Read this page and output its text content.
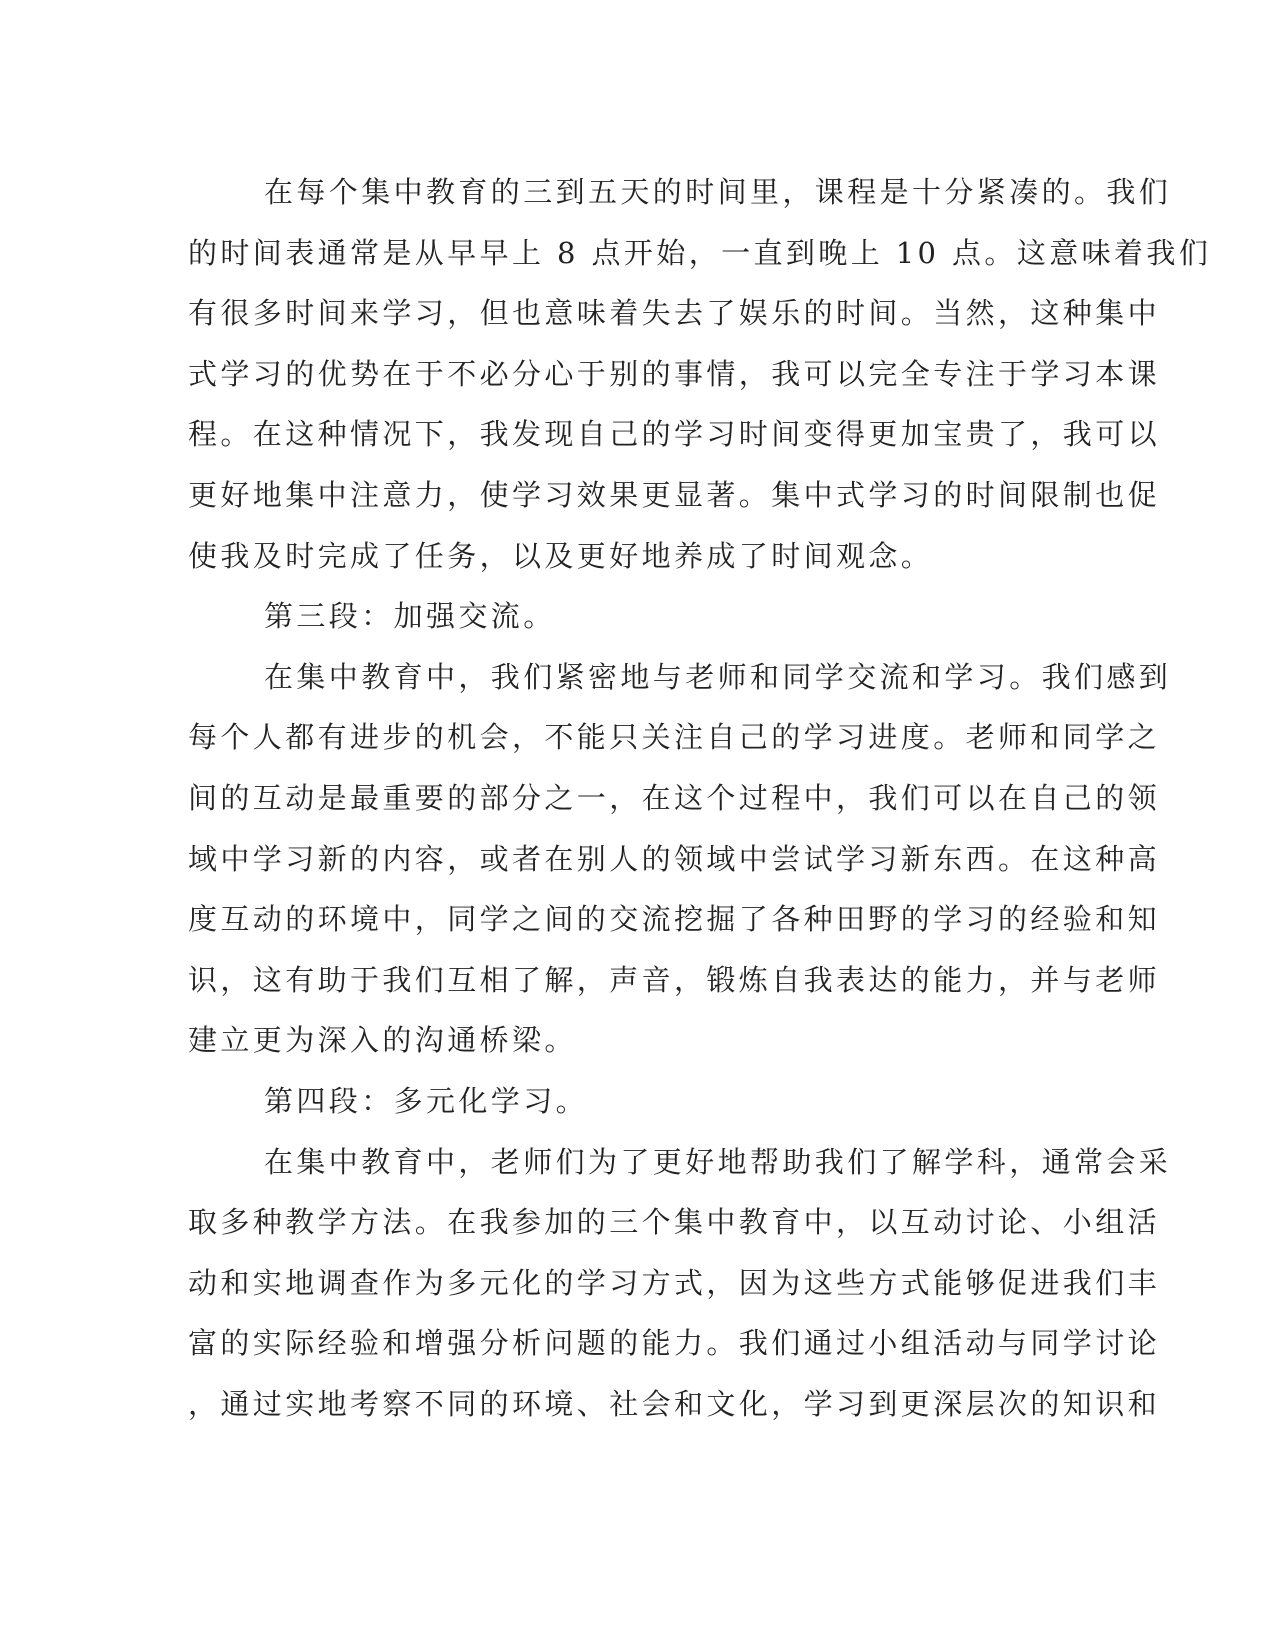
在每个集中教育的三到五天的时间里，课程是十分紧凑的。我们
的时间表通常是从早早上 8 点开始，一直到晚上 10 点。这意味着我们
有很多时间来学习，但也意味着失去了娱乐的时间。当然，这种集中
式学习的优势在于不必分心于别的事情，我可以完全专注于学习本课
程。在这种情况下，我发现自己的学习时间变得更加宝贵了，我可以
更好地集中注意力，使学习效果更显著。集中式学习的时间限制也促
使我及时完成了任务，以及更好地养成了时间观念。
第三段：加强交流。
在集中教育中，我们紧密地与老师和同学交流和学习。我们感到
每个人都有进步的机会，不能只关注自己的学习进度。老师和同学之
间的互动是最重要的部分之一，在这个过程中，我们可以在自己的领
域中学习新的内容，或者在别人的领域中尝试学习新东西。在这种高
度互动的环境中，同学之间的交流挖掘了各种田野的学习的经验和知
识，这有助于我们互相了解，声音，锻炼自我表达的能力，并与老师
建立更为深入的沟通桥梁。
第四段：多元化学习。
在集中教育中，老师们为了更好地帮助我们了解学科，通常会采
取多种教学方法。在我参加的三个集中教育中，以互动讨论、小组活
动和实地调查作为多元化的学习方式，因为这些方式能够促进我们丰
富的实际经验和增强分析问题的能力。我们通过小组活动与同学讨论
，通过实地考察不同的环境、社会和文化，学习到更深层次的知识和
